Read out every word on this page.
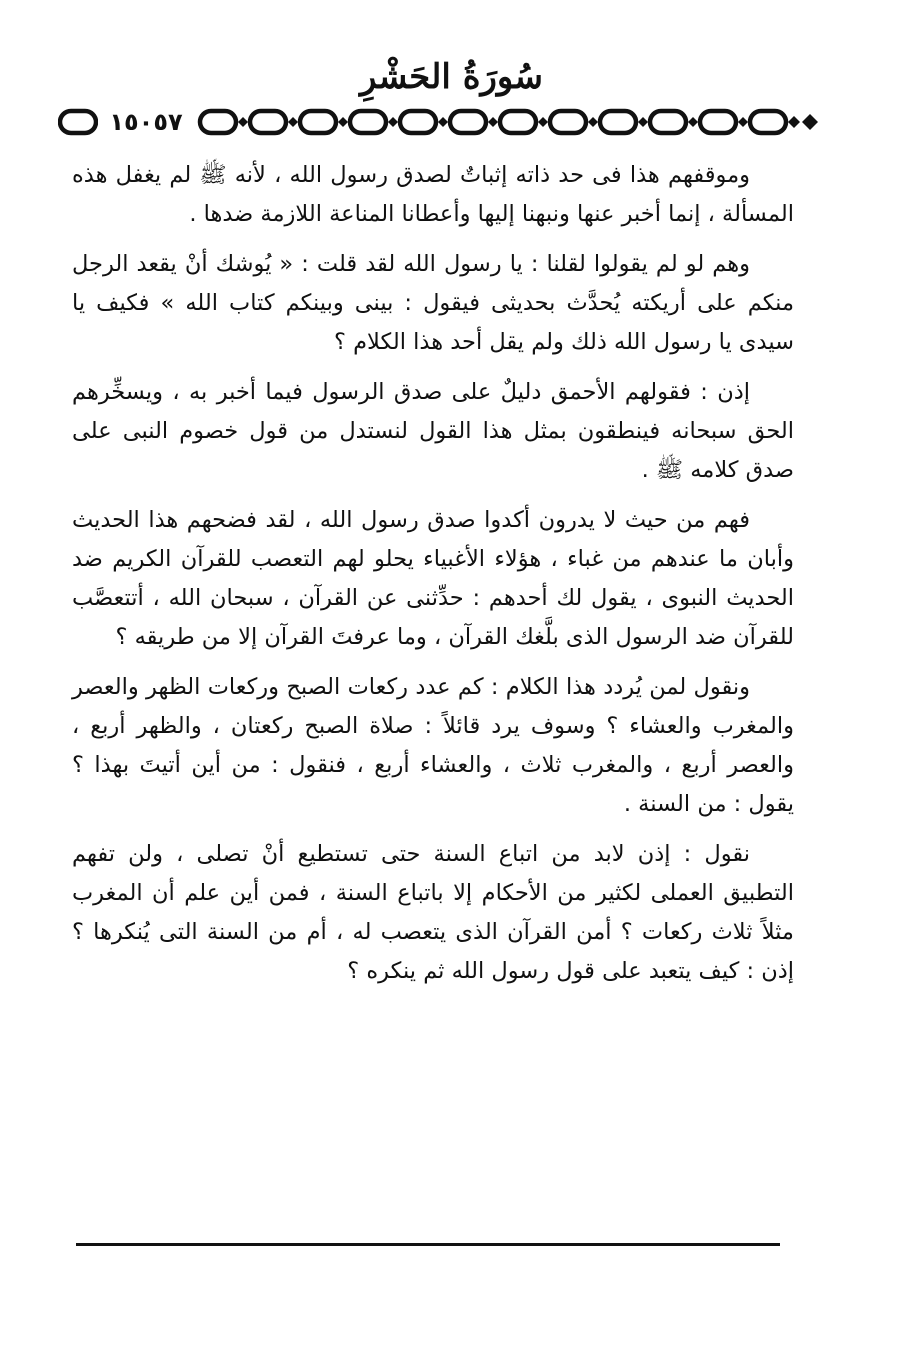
سُورَةُ الحَشْرِ
١٥٠٥٧

وموقفهم هذا فى حد ذاته إثباتٌ لصدق رسول الله ، لأنه ﷺ لم يغفل هذه المسألة ، إنما أخبر عنها ونبهنا إليها وأعطانا المناعة اللازمة ضدها .

وهم لو لم يقولوا لقلنا : يا رسول الله لقد قلت : « يُوشك أنْ يقعد الرجل منكم على أريكته يُحدَّث بحديثى فيقول : بينى وبينكم كتاب الله » فكيف يا سيدى يا رسول الله ذلك ولم يقل أحد هذا الكلام ؟

إذن : فقولهم الأحمق دليلٌ على صدق الرسول فيما أخبر به ، ويسخِّرهم الحق سبحانه فينطقون بمثل هذا القول لنستدل من قول خصوم النبى على صدق كلامه ﷺ .

فهم من حيث لا يدرون أكدوا صدق رسول الله ، لقد فضحهم هذا الحديث وأبان ما عندهم من غباء ، هؤلاء الأغبياء يحلو لهم التعصب للقرآن الكريم ضد الحديث النبوى ، يقول لك أحدهم : حدِّثنى عن القرآن ، سبحان الله ، أتتعصَّب للقرآن ضد الرسول الذى بلَّغك القرآن ، وما عرفتَ القرآن إلا من طريقه ؟

ونقول لمن يُردد هذا الكلام : كم عدد ركعات الصبح وركعات الظهر والعصر والمغرب والعشاء ؟ وسوف يرد قائلاً : صلاة الصبح ركعتان ، والظهر أربع ، والعصر أربع ، والمغرب ثلاث ، والعشاء أربع ، فنقول : من أين أتيتَ بهذا ؟ يقول : من السنة .

نقول : إذن لابد من اتباع السنة حتى تستطيع أنْ تصلى ، ولن تفهم التطبيق العملى لكثير من الأحكام إلا باتباع السنة ، فمن أين علم أن المغرب مثلاً ثلاث ركعات ؟ أمن القرآن الذى يتعصب له ، أم من السنة التى يُنكرها ؟ إذن : كيف يتعبد على قول رسول الله ثم ينكره ؟
